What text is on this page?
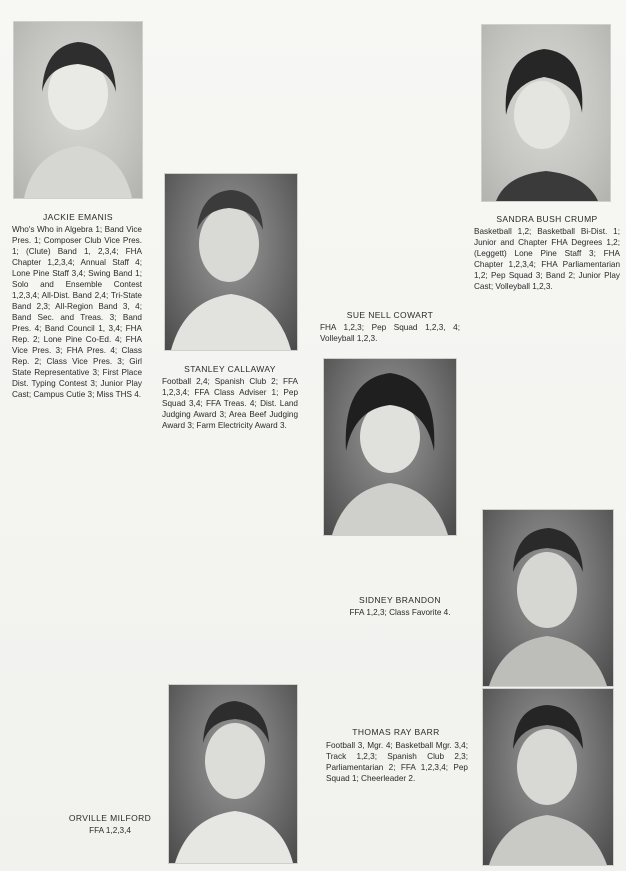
JACKIE EMANIS
Who's Who in Algebra 1; Band Vice Pres. 1; Composer Club Vice Pres. 1; (Clute) Band 1, 2,3,4; FHA Chapter 1,2,3,4; Annual Staff 4; Lone Pine Staff 3,4; Swing Band 1; Solo and Ensemble Contest 1,2,3,4; All-Dist. Band 2,4; Tri-State Band 2,3; All-Region Band 3, 4; Band Sec. and Treas. 3; Band Pres. 4; Band Council 1, 3,4; FHA Rep. 2; Lone Pine Co-Ed. 4; FHA Vice Pres. 3; FHA Pres. 4; Class Rep. 2; Class Vice Pres. 3; Girl State Representative 3; First Place Dist. Typing Contest 3; Junior Play Cast; Campus Cutie 3; Miss THS 4.
SANDRA BUSH CRUMP
Basketball 1,2; Basketball Bi-Dist. 1; Junior and Chapter FHA Degrees 1,2; (Leggett) Lone Pine Staff 3; FHA Chapter 1,2,3,4; FHA Parliamentarian 1,2; Pep Squad 3; Band 2; Junior Play Cast; Volleyball 1,2,3.
STANLEY CALLAWAY
Football 2,4; Spanish Club 2; FFA 1,2,3,4; FFA Class Adviser 1; Pep Squad 3,4; FFA Treas. 4; Dist. Land Judging Award 3; Area Beef Judging Award 3; Farm Electricity Award 3.
SUE NELL COWART
FHA 1,2,3; Pep Squad 1,2,3, 4; Volleyball 1,2,3.
SIDNEY BRANDON
FFA 1,2,3; Class Favorite 4.
THOMAS RAY BARR
Football 3, Mgr. 4; Basketball Mgr. 3,4; Track 1,2,3; Spanish Club 2,3; Parliamentarian 2; FFA 1,2,3,4; Pep Squad 1; Cheerleader 2.
ORVILLE MILFORD
FFA 1,2,3,4
